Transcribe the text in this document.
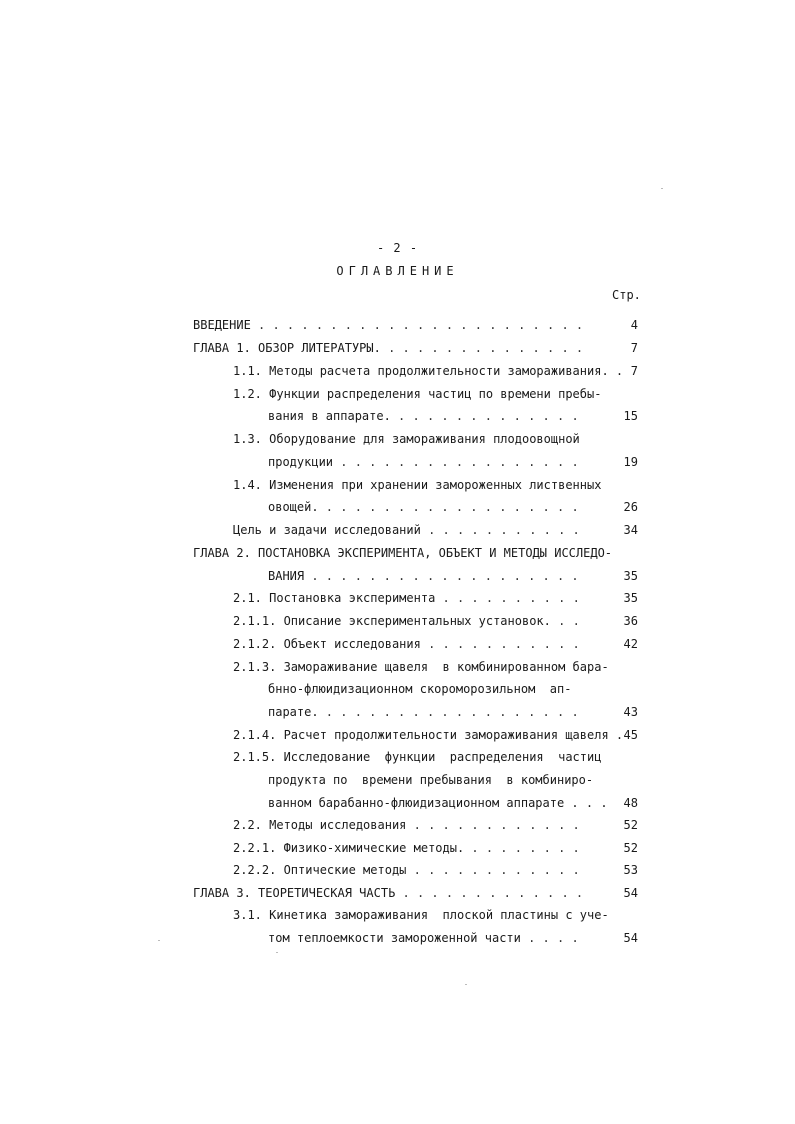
- 2 -
ОГЛАВЛЕНИЕ
Стр.
4
ВВЕДЕНИЕ . . . . . . . . . . . . . . . . . . . . . . .
7
ГЛАВА 1. ОБЗОР ЛИТЕРАТУРЫ. . . . . . . . . . . . . . .
7
1.1. Методы расчета продолжительности замораживания. .
1.2. Функции распределения частиц по времени пребы-
15
вания в аппарате. . . . . . . . . . . . . .
1.3. Оборудование для замораживания плодоовощной
19
продукции . . . . . . . . . . . . . . . . .
1.4. Изменения при хранении замороженных лиственных
26
овощей. . . . . . . . . . . . . . . . . . .
34
Цель и задачи исследований . . . . . . . . . . .
ГЛАВА 2. ПОСТАНОВКА ЭКСПЕРИМЕНТА, ОБЪЕКТ И МЕТОДЫ ИССЛЕДО-
35
ВАНИЯ . . . . . . . . . . . . . . . . . . .
35
2.1. Постановка эксперимента . . . . . . . . . .
36
2.1.1. Описание экспериментальных установок. . .
42
2.1.2. Объект исследования . . . . . . . . . . .
2.1.3. Замораживание щавеля  в комбинированном бара-
бнно-флюидизационном скороморозильном  ап-
43
парате. . . . . . . . . . . . . . . . . . .
45
2.1.4. Расчет продолжительности замораживания щавеля .
2.1.5. Исследование  функции  распределения  частиц
продукта по  времени пребывания  в комбиниро-
48
ванном барабанно-флюидизационном аппарате . . .
52
2.2. Методы исследования . . . . . . . . . . . .
52
2.2.1. Физико-химические методы. . . . . . . . .
53
2.2.2. Оптические методы . . . . . . . . . . . .
54
ГЛАВА 3. ТЕОРЕТИЧЕСКАЯ ЧАСТЬ . . . . . . . . . . . . .
3.1. Кинетика замораживания  плоской пластины с уче-
54
том теплоемкости замороженной части . . . .
